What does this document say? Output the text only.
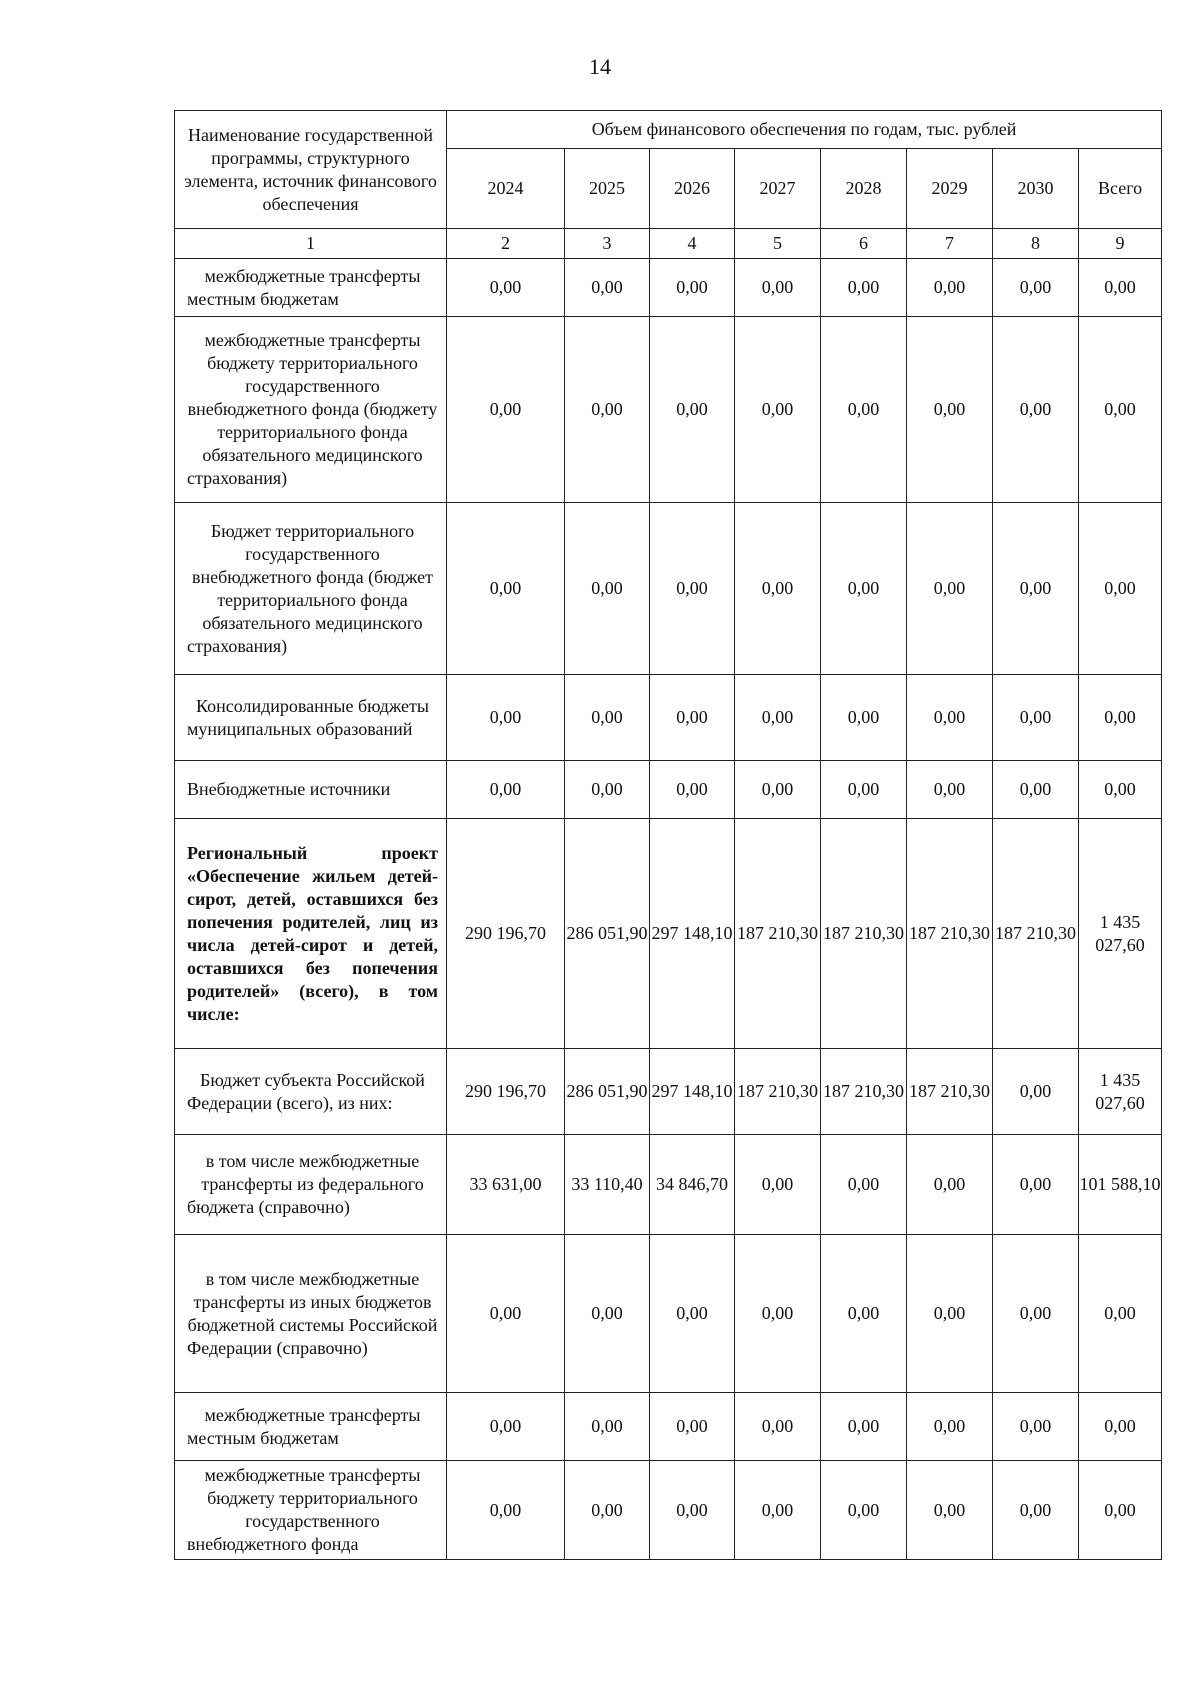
14
Наименование государственной программы, структурного элемента, источник финансового обеспечения	Объем финансового обеспечения по годам, тыс. рублей							
	2024	2025	2026	2027	2028	2029	2030	Всего
1	2	3	4	5	6	7	8	9
межбюджетные трансферты местным бюджетам	0,00	0,00	0,00	0,00	0,00	0,00	0,00	0,00
межбюджетные трансферты бюджету территориального государственного внебюджетного фонда (бюджету территориального фонда обязательного медицинского страхования)	0,00	0,00	0,00	0,00	0,00	0,00	0,00	0,00
Бюджет территориального государственного внебюджетного фонда (бюджет территориального фонда обязательного медицинского страхования)	0,00	0,00	0,00	0,00	0,00	0,00	0,00	0,00
Консолидированные бюджеты муниципальных образований	0,00	0,00	0,00	0,00	0,00	0,00	0,00	0,00
Внебюджетные источники	0,00	0,00	0,00	0,00	0,00	0,00	0,00	0,00
Региональный проект «Обеспечение жильем детей-сирот, детей, оставшихся без попечения родителей, лиц из числа детей-сирот и детей, оставшихся без попечения родителей» (всего), в том числе:	290 196,70	286 051,90	297 148,10	187 210,30	187 210,30	187 210,30	187 210,30	1 435 027,60
Бюджет субъекта Российской Федерации (всего), из них:	290 196,70	286 051,90	297 148,10	187 210,30	187 210,30	187 210,30	0,00	1 435 027,60
в том числе межбюджетные трансферты из федерального бюджета (справочно)	33 631,00	33 110,40	34 846,70	0,00	0,00	0,00	0,00	101 588,10
в том числе межбюджетные трансферты из иных бюджетов бюджетной системы Российской Федерации (справочно)	0,00	0,00	0,00	0,00	0,00	0,00	0,00	0,00
межбюджетные трансферты местным бюджетам	0,00	0,00	0,00	0,00	0,00	0,00	0,00	0,00
межбюджетные трансферты бюджету территориального государственного внебюджетного фонда	0,00	0,00	0,00	0,00	0,00	0,00	0,00	0,00
